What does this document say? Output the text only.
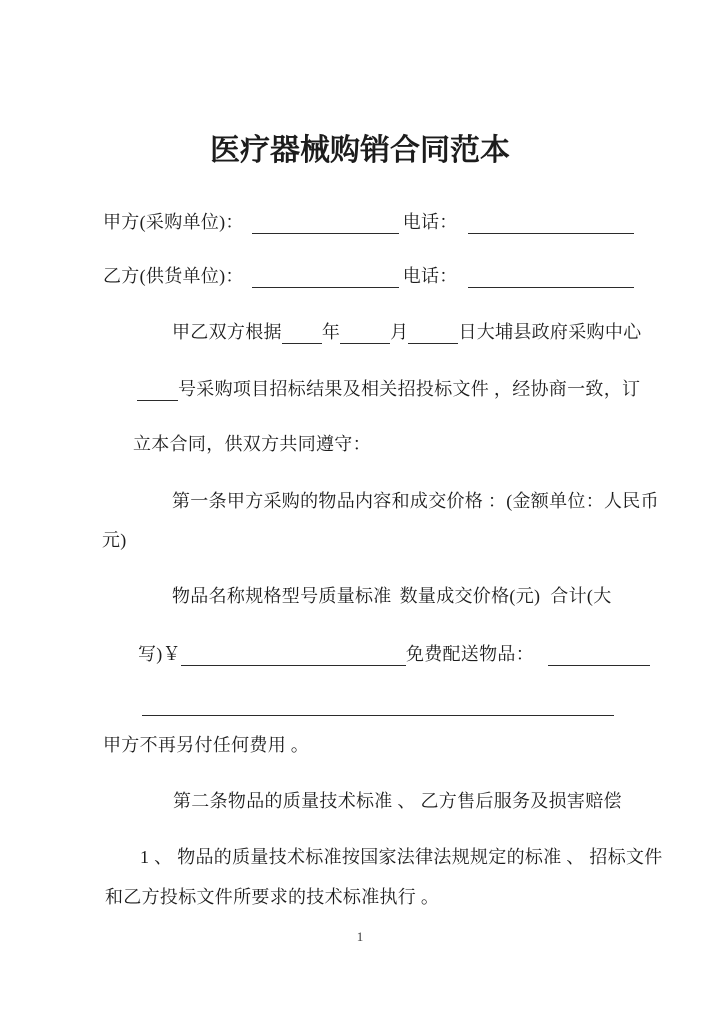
医疗器械购销合同范本
甲方(采购单位)：	电话：
乙方(供货单位)：	电话：
甲乙双方根据 年	月	日大埔县政府采购中心
号采购项目招标结果及相关招投标文件 ，经协商一致，订
立本合同，供双方共同遵守：
第一条甲方采购的物品内容和成交价格 ：(金额单位：人民币
元)
物品名称规格型号质量标准 数量成交价格(元) 合计(大
写)￥	免费配送物品：
甲方不再另付任何费用 。
第二条物品的质量技术标准 、 乙方售后服务及损害赔偿
1 、 物品的质量技术标准按国家法律法规规定的标准 、 招标文件
和乙方投标文件所要求的技术标准执行 。
1
